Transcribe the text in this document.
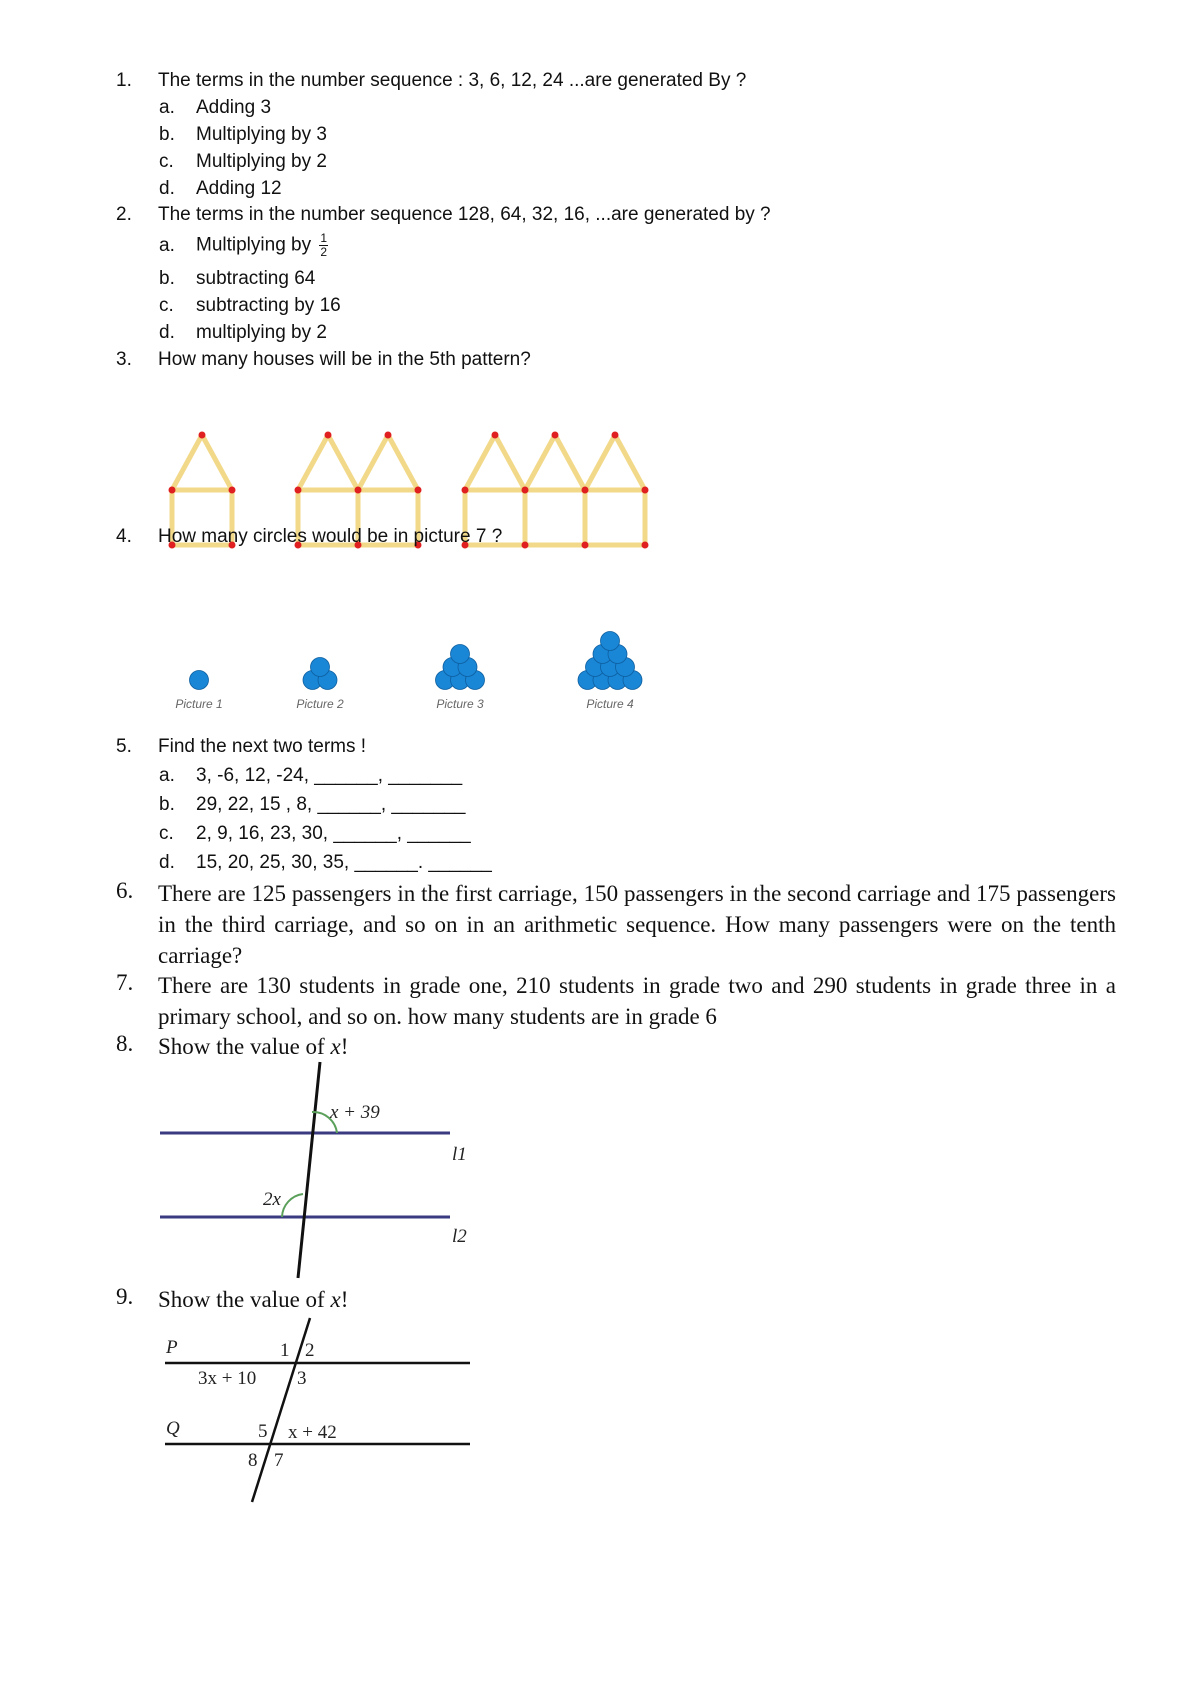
1. The terms in the number sequence : 3, 6, 12, 24 ...are generated By ?
a. Adding 3
b. Multiplying by 3
c. Multiplying by 2
d. Adding 12
2. The terms in the number sequence 128, 64, 32, 16, ...are generated by ?
a. Multiplying by $\frac{1}{2}$
b. subtracting 64
c. subtracting by 16
d. multiplying by 2
3. How many houses will be in the 5th pattern?
4. How many circles would be in picture 7 ?
Picture 1	Picture 2	Picture 3	Picture 4
5. Find the next two terms !
a. 3, -6, 12, -24, ______, _______
b. 29, 22, 15 , 8, ______, _______
c. 2, 9, 16, 23, 30, ______, ______
d. 15, 20, 25, 30, 35, ______. ______
6.	There are 125 passengers in the first carriage, 150 passengers in the second carriage and 175 passengers in the third carriage, and so on in an arithmetic sequence. How many passengers were on the tenth carriage?
7.	There are 130 students in grade one, 210 students in grade two and 290 students in grade three in a primary school, and so on. how many students are in grade 6
8.	Show the value of x!
x + 39
2x
l1
l2
9.	Show the value of x!
P
Q
1 2
3
3x + 10
5 x + 42
8 7
